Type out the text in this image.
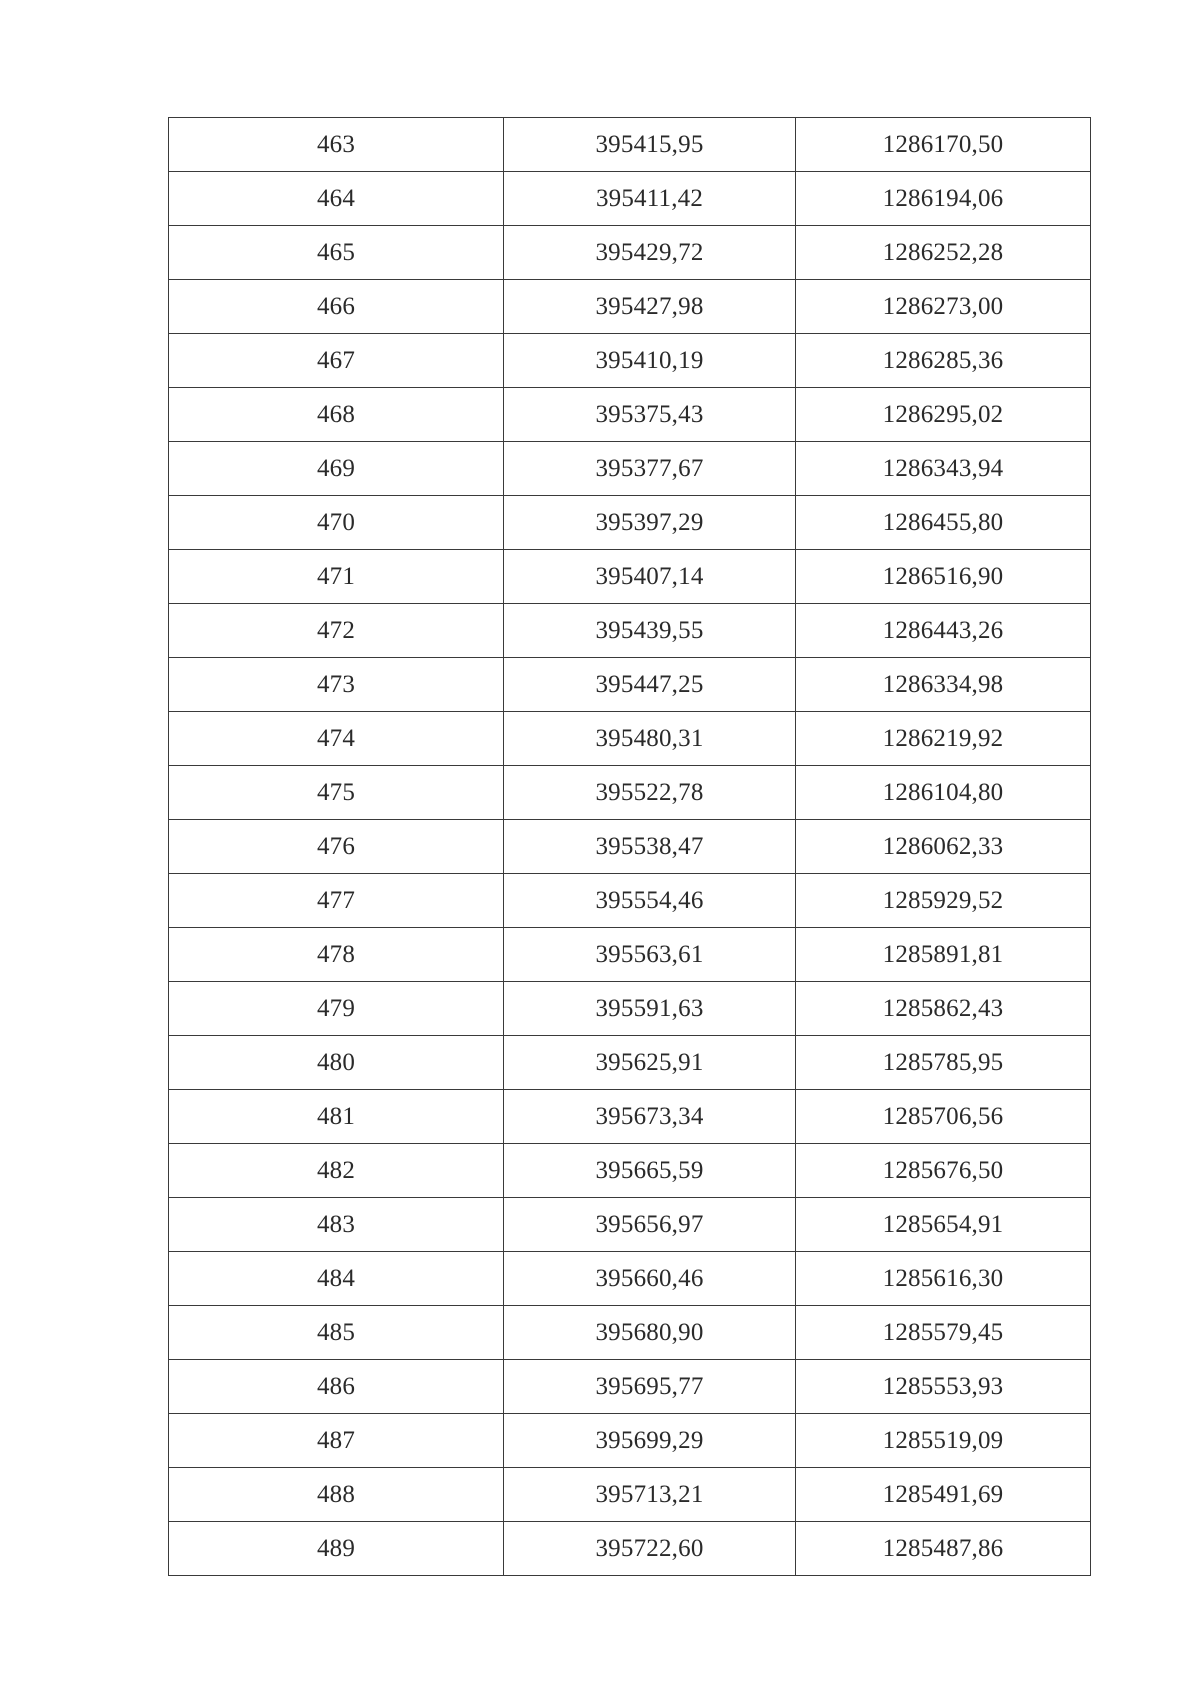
463	395415,95	1286170,50
464	395411,42	1286194,06
465	395429,72	1286252,28
466	395427,98	1286273,00
467	395410,19	1286285,36
468	395375,43	1286295,02
469	395377,67	1286343,94
470	395397,29	1286455,80
471	395407,14	1286516,90
472	395439,55	1286443,26
473	395447,25	1286334,98
474	395480,31	1286219,92
475	395522,78	1286104,80
476	395538,47	1286062,33
477	395554,46	1285929,52
478	395563,61	1285891,81
479	395591,63	1285862,43
480	395625,91	1285785,95
481	395673,34	1285706,56
482	395665,59	1285676,50
483	395656,97	1285654,91
484	395660,46	1285616,30
485	395680,90	1285579,45
486	395695,77	1285553,93
487	395699,29	1285519,09
488	395713,21	1285491,69
489	395722,60	1285487,86
